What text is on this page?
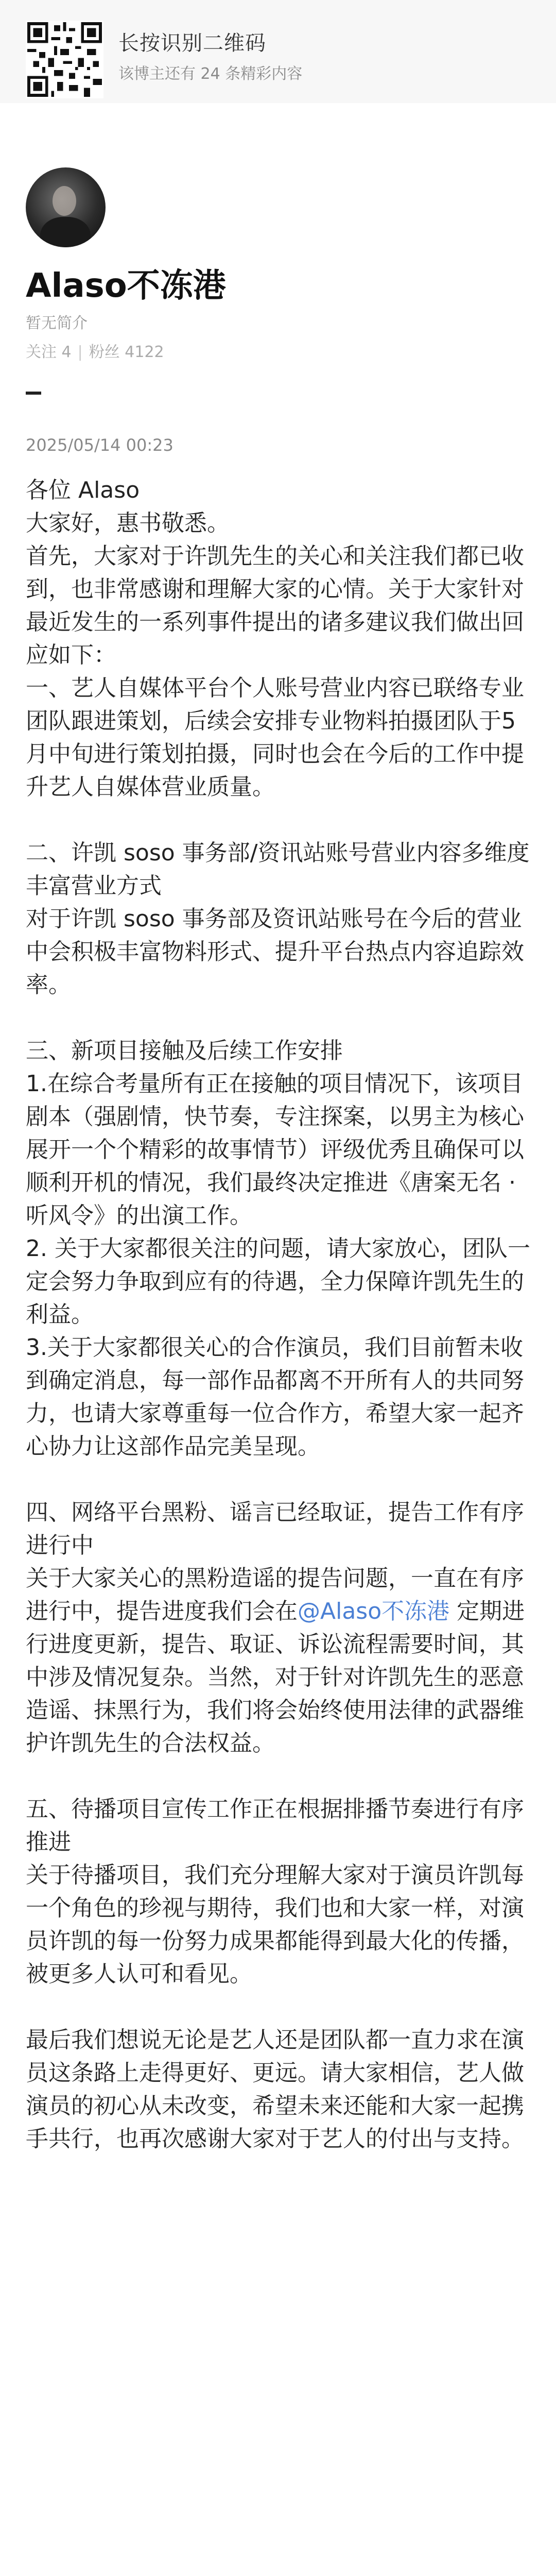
长按识别二维码
该博主还有 24 条精彩内容
Alaso不冻港
暂无简介
关注 4 | 粉丝 4122
2025/05/14 00:23

各位 Alaso

大家好，惠书敬悉。

首先，大家对于许凯先生的关心和关注我们都已收到，也非常感谢和理解大家的心情。关于大家针对最近发生的一系列事件提出的诸多建议我们做出回应如下：

一、艺人自媒体平台个人账号营业内容已联络专业团队跟进策划，后续会安排专业物料拍摄团队于5月中旬进行策划拍摄，同时也会在今后的工作中提升艺人自媒体营业质量。

二、许凯 soso 事务部/资讯站账号营业内容多维度丰富营业方式

对于许凯 soso 事务部及资讯站账号在今后的营业中会积极丰富物料形式、提升平台热点内容追踪效率。

三、新项目接触及后续工作安排

1.在综合考量所有正在接触的项目情况下，该项目剧本（强剧情，快节奏，专注探案，以男主为核心展开一个个精彩的故事情节）评级优秀且确保可以顺利开机的情况，我们最终决定推进《唐案无名 · 听风令》的出演工作。

2. 关于大家都很关注的问题，请大家放心，团队一定会努力争取到应有的待遇，全力保障许凯先生的利益。

3.关于大家都很关心的合作演员，我们目前暂未收到确定消息，每一部作品都离不开所有人的共同努力，也请大家尊重每一位合作方，希望大家一起齐心协力让这部作品完美呈现。

四、网络平台黑粉、谣言已经取证，提告工作有序进行中

关于大家关心的黑粉造谣的提告问题，一直在有序进行中，提告进度我们会在@Alaso不冻港 定期进行进度更新，提告、取证、诉讼流程需要时间，其中涉及情况复杂。当然，对于针对许凯先生的恶意造谣、抹黑行为，我们将会始终使用法律的武器维护许凯先生的合法权益。

五、待播项目宣传工作正在根据排播节奏进行有序推进

关于待播项目，我们充分理解大家对于演员许凯每一个角色的珍视与期待，我们也和大家一样，对演员许凯的每一份努力成果都能得到最大化的传播，被更多人认可和看见。

最后我们想说无论是艺人还是团队都一直力求在演员这条路上走得更好、更远。请大家相信，艺人做演员的初心从未改变，希望未来还能和大家一起携手共行，也再次感谢大家对于艺人的付出与支持。
